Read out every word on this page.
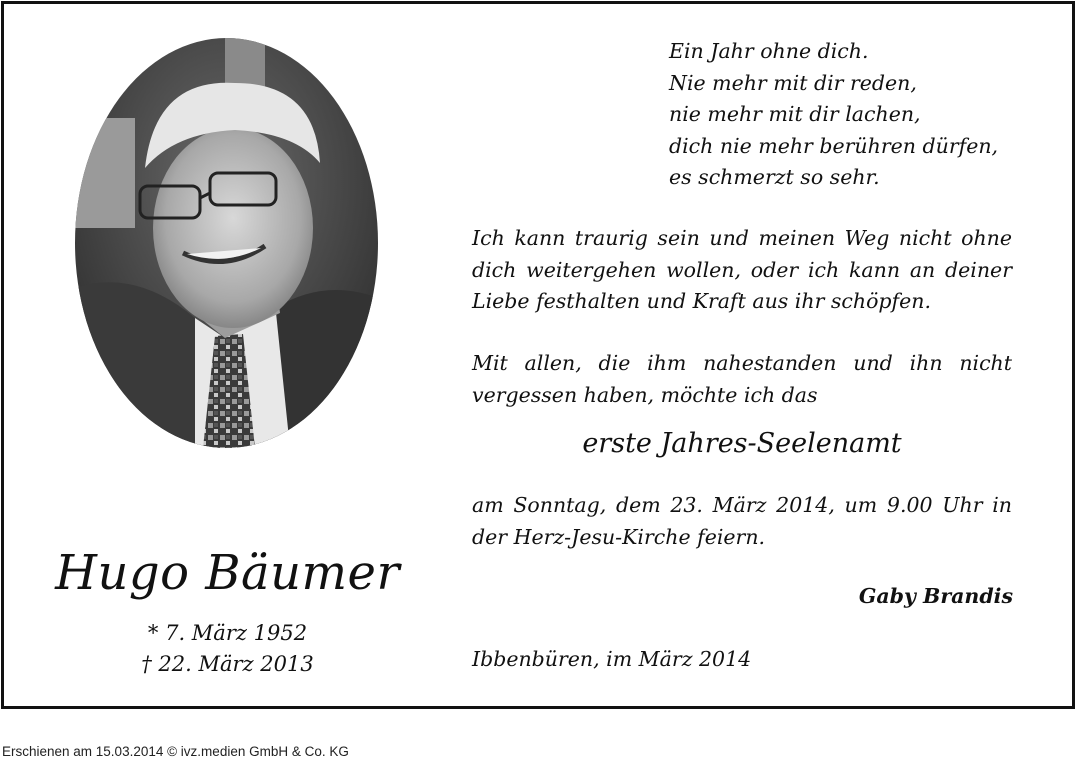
Hugo Bäumer
* 7. März 1952
† 22. März 2013
Ein Jahr ohne dich.
Nie mehr mit dir reden,
nie mehr mit dir lachen,
dich nie mehr berühren dürfen,
es schmerzt so sehr.
Ich kann traurig sein und meinen Weg nicht ohne dich weitergehen wollen, oder ich kann an deiner Liebe festhalten und Kraft aus ihr schöpfen.
Mit allen, die ihm nahestanden und ihn nicht vergessen haben, möchte ich das
erste Jahres-Seelenamt
am Sonntag, dem 23. März 2014, um 9.00 Uhr in der Herz-Jesu-Kirche feiern.
Gaby Brandis
Ibbenbüren, im März 2014
Erschienen am 15.03.2014 © ivz.medien GmbH & Co. KG
